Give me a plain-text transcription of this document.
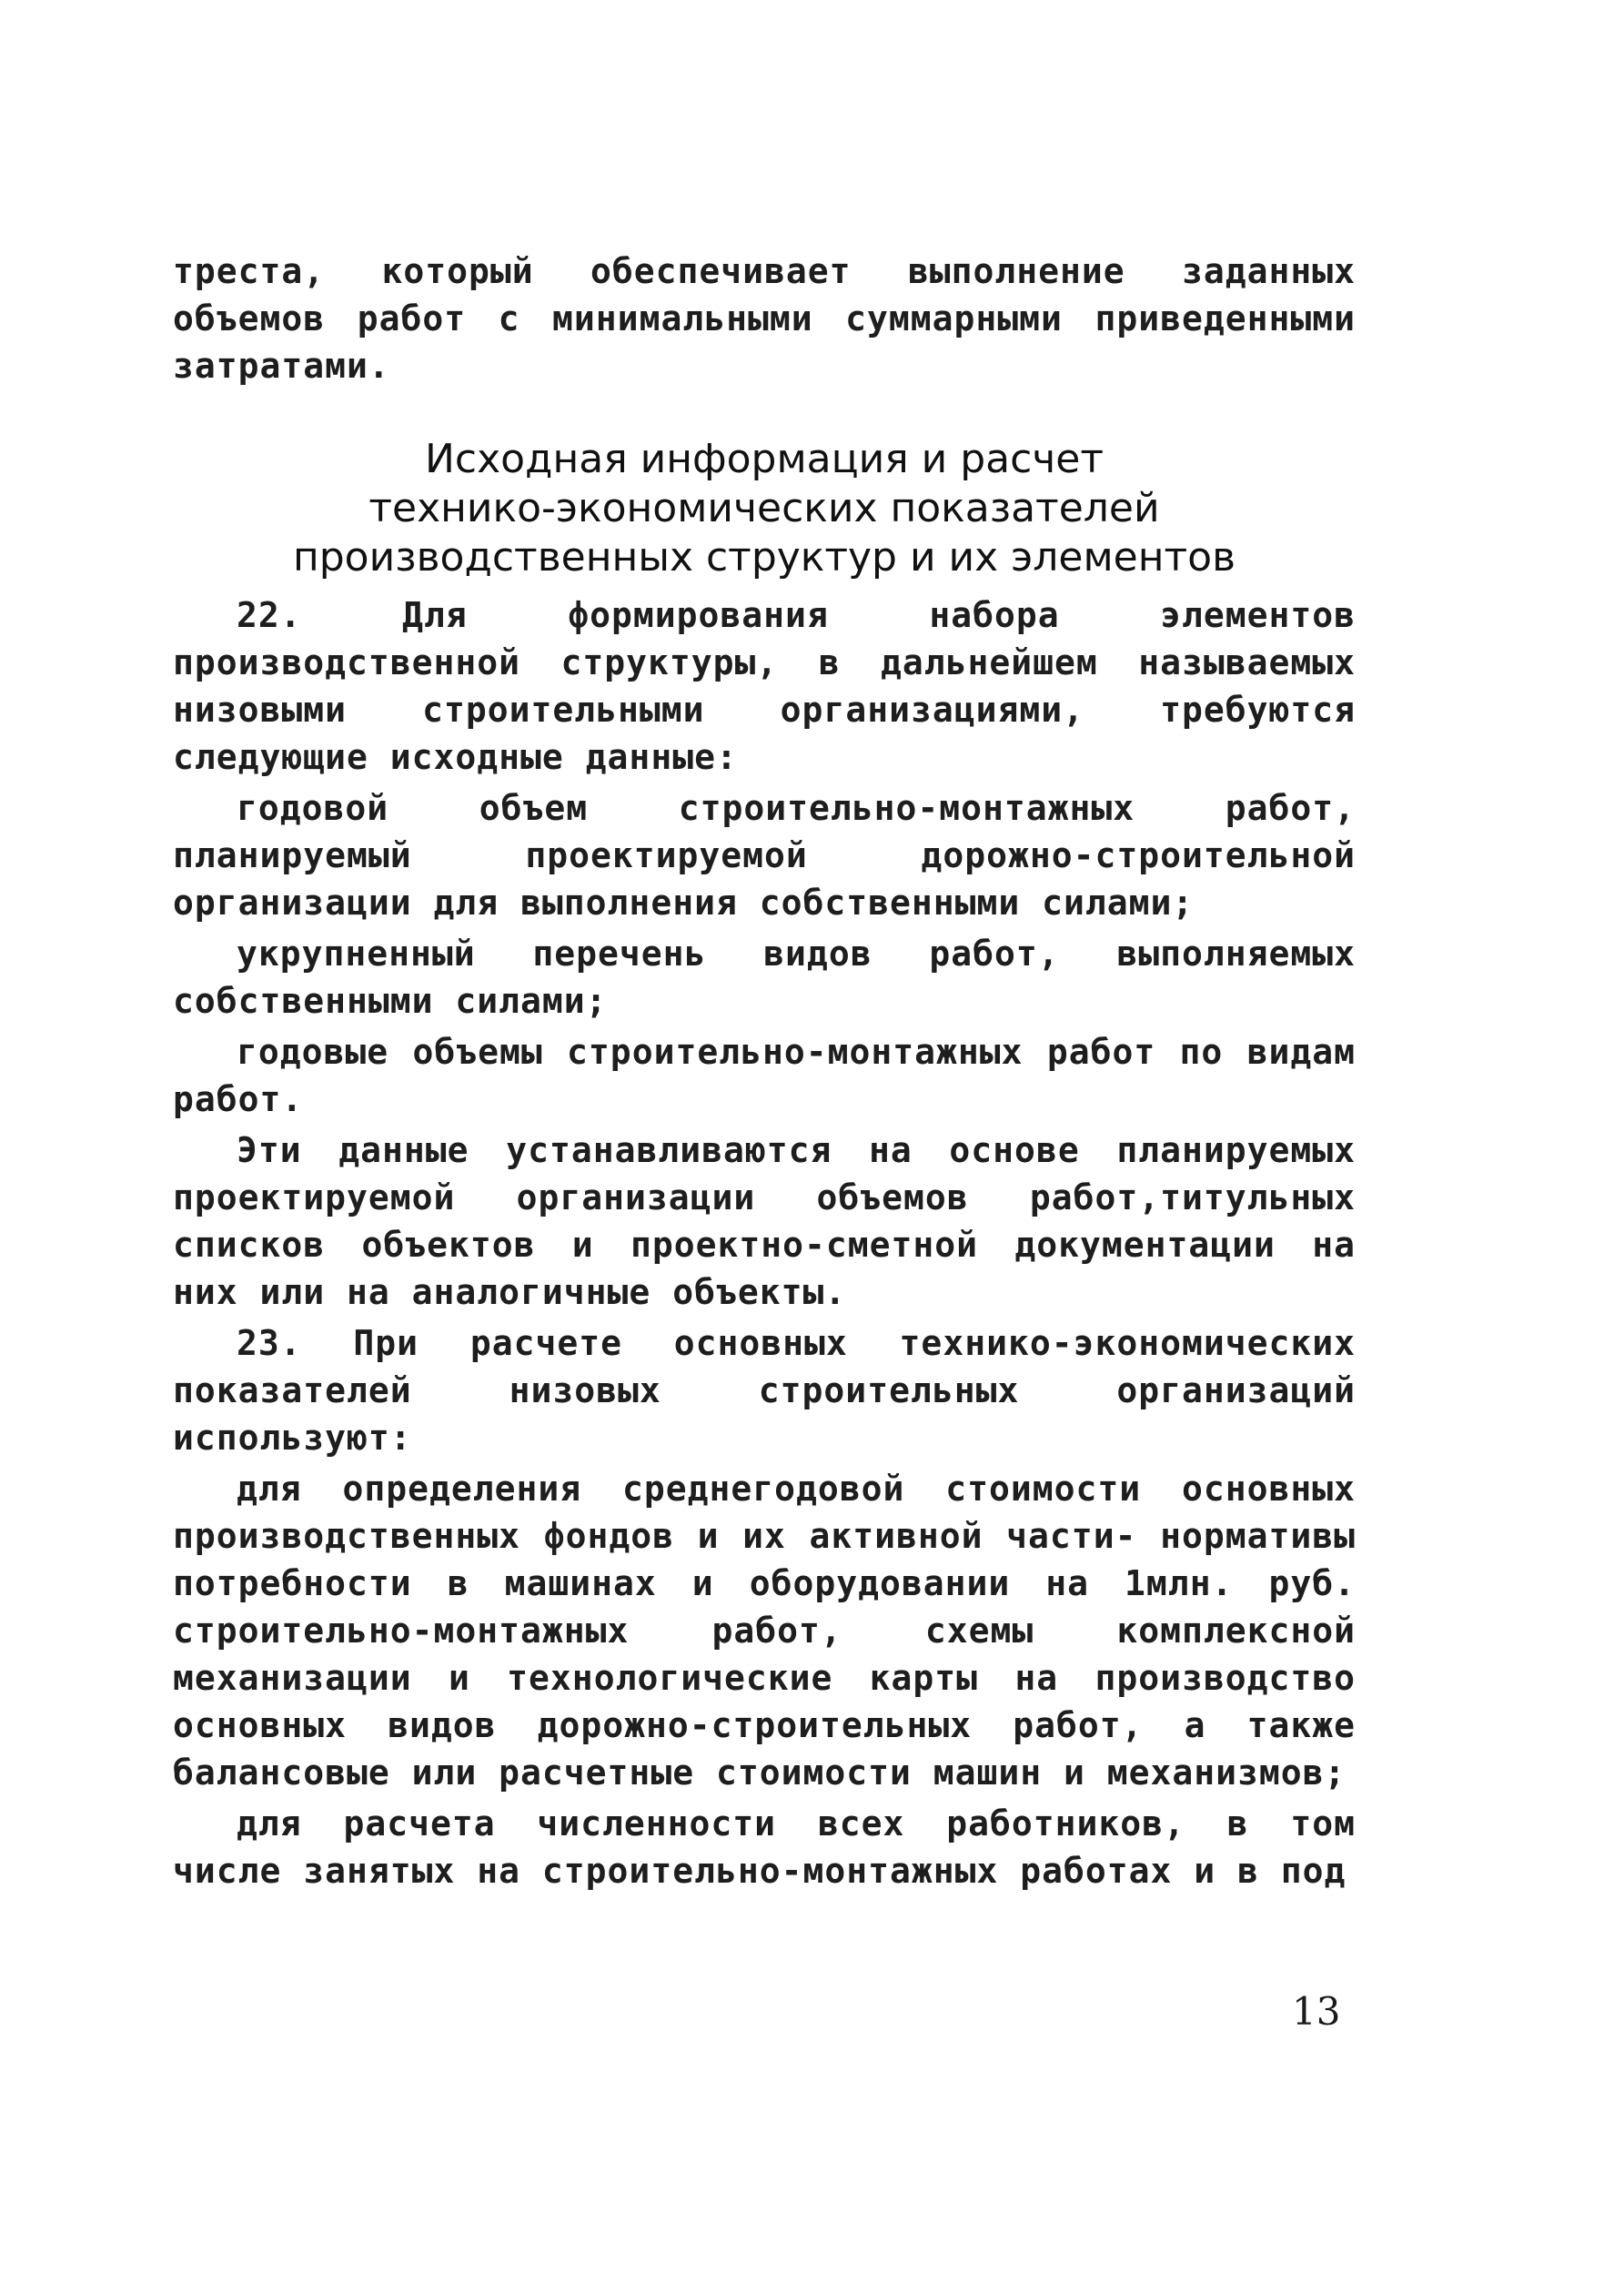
треста, который обеспечивает выполнение заданных объемов работ с минимальными суммарными приведенными затратами.

Исходная информация и расчет
технико-экономических показателей
производственных структур и их элементов

22. Для формирования набора элементов производственной структуры, в дальнейшем называемых низовыми строительными организациями, требуются следующие исходные данные:

годовой объем строительно-монтажных работ, планируемый проектируемой дорожно-строительной организации для выполнения собственными силами;

укрупненный перечень видов работ, выполняемых собственными силами;

годовые объемы строительно-монтажных работ по видам работ.

Эти данные устанавливаются на основе планируемых проектируемой организации объемов работ,титульных списков объектов и проектно-сметной документации на них или на аналогичные объекты.

23. При расчете основных технико-экономических показателей низовых строительных организаций используют:

для определения среднегодовой стоимости основных производственных фондов и их активной части- нормативы потребности в машинах и оборудовании на 1млн. руб. строительно-монтажных работ, схемы комплексной механизации и технологические карты на производство основных видов дорожно-строительных работ, а также балансовые или расчетные стоимости машин и механизмов;

для расчета численности всех работников, в том числе занятых на строительно-монтажных работах и в под

13
